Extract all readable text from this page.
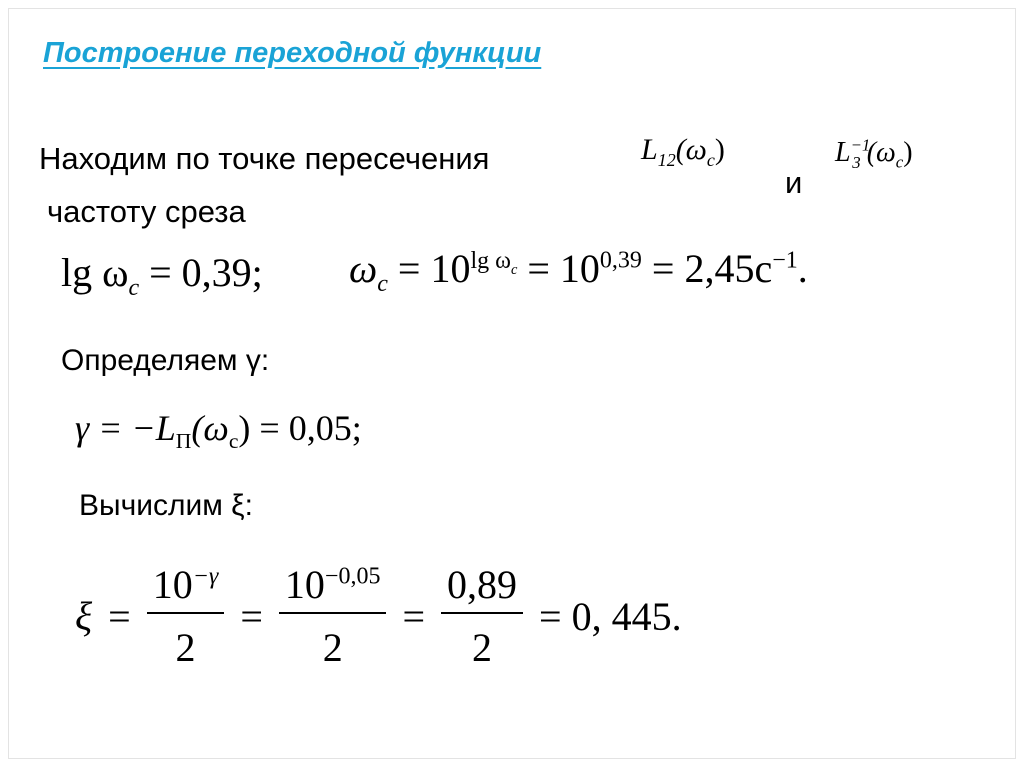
Построение переходной функции
Находим по точке пересечения	$L_{12}(\omega_c)$	$L^{-1}_3$ $(\omega_c)$
и
частоту среза
$\lg \omega_c = 0,39$; $\omega_c = 10^{lg \omega_c} = 10^{0,39} = 2,45c^{-1}$.
Определяем γ:
$\gamma = -L_П(\omega_c) = 0,05$;
Вычислим ξ:
$\xi = \frac{10^{-\gamma}}{2} = \frac{10^{-0,05}}{2} = \frac{0,89}{2} = 0$, 445.
